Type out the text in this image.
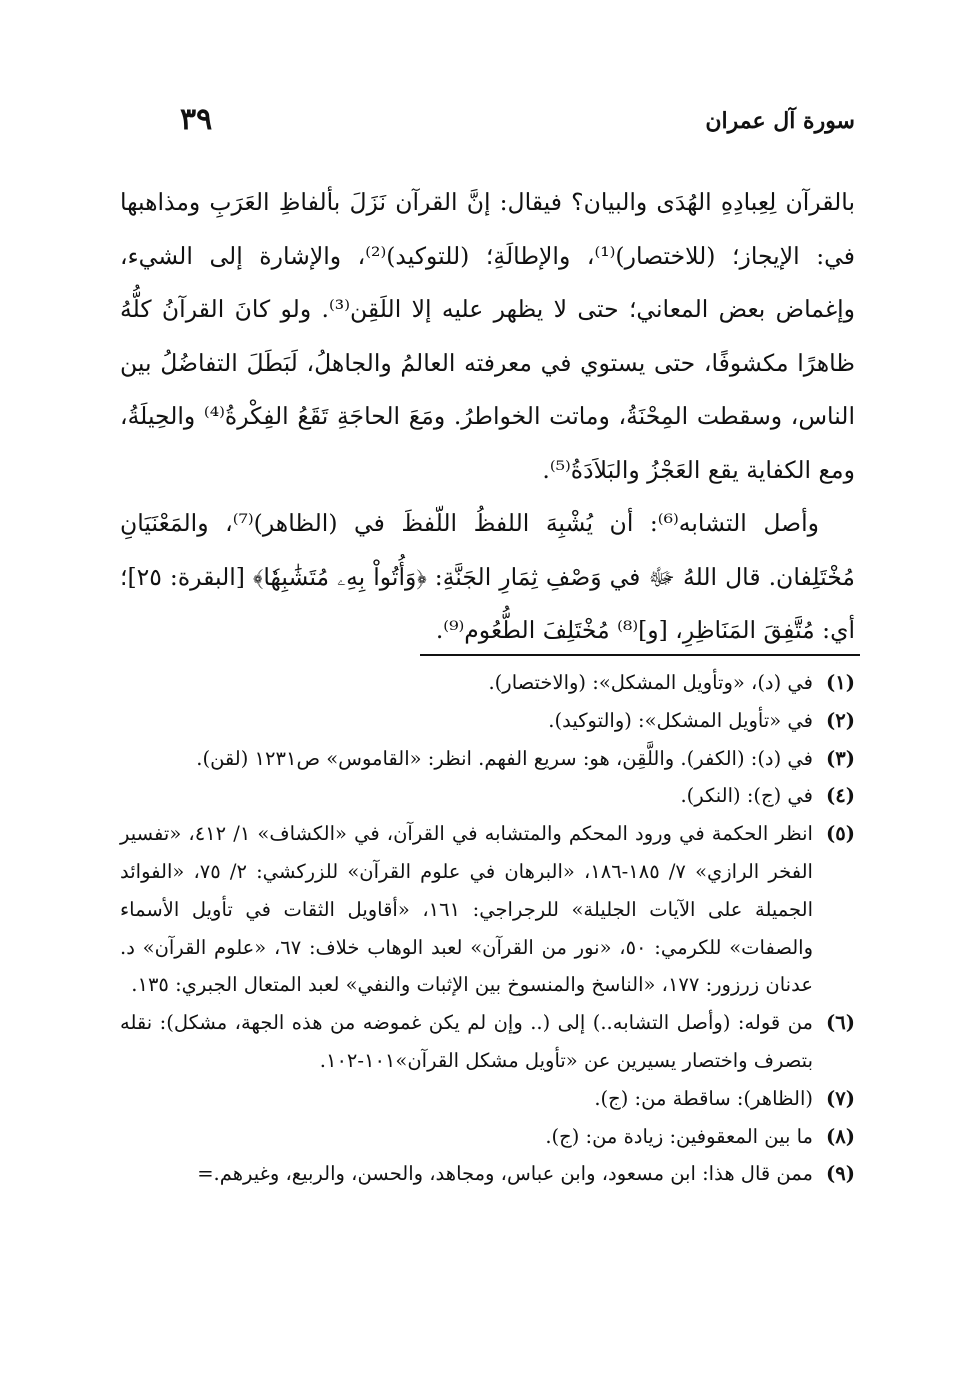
سورة آل عمران
٣٩

بالقرآن لِعِبادِهِ الهُدَى والبيان؟ فيقال: إنَّ القرآن نَزَلَ بألفاظِ العَرَبِ ومذاهبها في: الإيجاز؛ (للاختصار)⁽¹⁾، والإطالَةِ؛ (للتوكيد)⁽²⁾، والإشارة إلى الشيء، وإغماض بعض المعاني؛ حتى لا يظهر عليه إلا اللَقِن⁽³⁾. ولو كانَ القرآنُ كلُّهُ ظاهرًا مكشوفًا، حتى يستوي في معرفته العالمُ والجاهلُ، لَبَطَلَ التفاضُلُ بين الناس، وسقطت المِحْنَةُ، وماتت الخواطرُ. ومَعَ الحاجَةِ تَقَعُ الفِكْرةُ⁽⁴⁾ والحِيلَةُ، ومع الكفاية يقع العَجْزُ والبَلاَدَةُ⁽⁵⁾.

وأصل التشابه⁽⁶⁾: أن يُشْبِهَ اللفظُ اللّفظَ في (الظاهر)⁽⁷⁾، والمَعْنَيَانِ مُخْتَلِفان. قال اللهُ ﷻ في وَصْفِ ثِمَارِ الجَنَّةِ: ﴿وَأُتُواْ بِهِۦ مُتَشَٰبِهٗا﴾ [البقرة: ٢٥]؛ أي: مُتَّفِقَ المَنَاظِرِ، [و]⁽⁸⁾ مُخْتَلِفَ الطُّعُوم⁽⁹⁾.

(١)
في (د)، «وتأويل المشكل»: (والاختصار).
(٢)
في «تأويل المشكل»: (والتوكيد).
(٣)
في (د): (الكفر). واللَّقِن، هو: سريع الفهم. انظر: «القاموس» ص١٢٣١ (لقن).
(٤)
في (ج): (النكر).
(٥)
انظر الحكمة في ورود المحكم والمتشابه في القرآن، في «الكشاف» ١/ ٤١٢، «تفسير الفخر الرازي» ٧/ ١٨٥-١٨٦، «البرهان في علوم القرآن» للزركشي: ٢/ ٧٥، «الفوائد الجميلة على الآيات الجليلة» للرجراجي: ١٦١، «أقاويل الثقات في تأويل الأسماء والصفات» للكرمي: ٥٠، «نور من القرآن» لعبد الوهاب خلاف: ٦٧، «علوم القرآن» د. عدنان زرزور: ١٧٧، «الناسخ والمنسوخ بين الإثبات والنفي» لعبد المتعال الجبري: ١٣٥.
(٦)
من قوله: (وأصل التشابه..) إلى (.. وإن لم يكن غموضه من هذه الجهة، مشكل): نقله بتصرف واختصار يسيرين عن «تأويل مشكل القرآن»١٠١-١٠٢.
(٧)
(الظاهر): ساقطة من: (ج).
(٨)
ما بين المعقوفين: زيادة من: (ج).
(٩)
ممن قال هذا: ابن مسعود، وابن عباس، ومجاهد، والحسن، والربيع، وغيرهم.=
